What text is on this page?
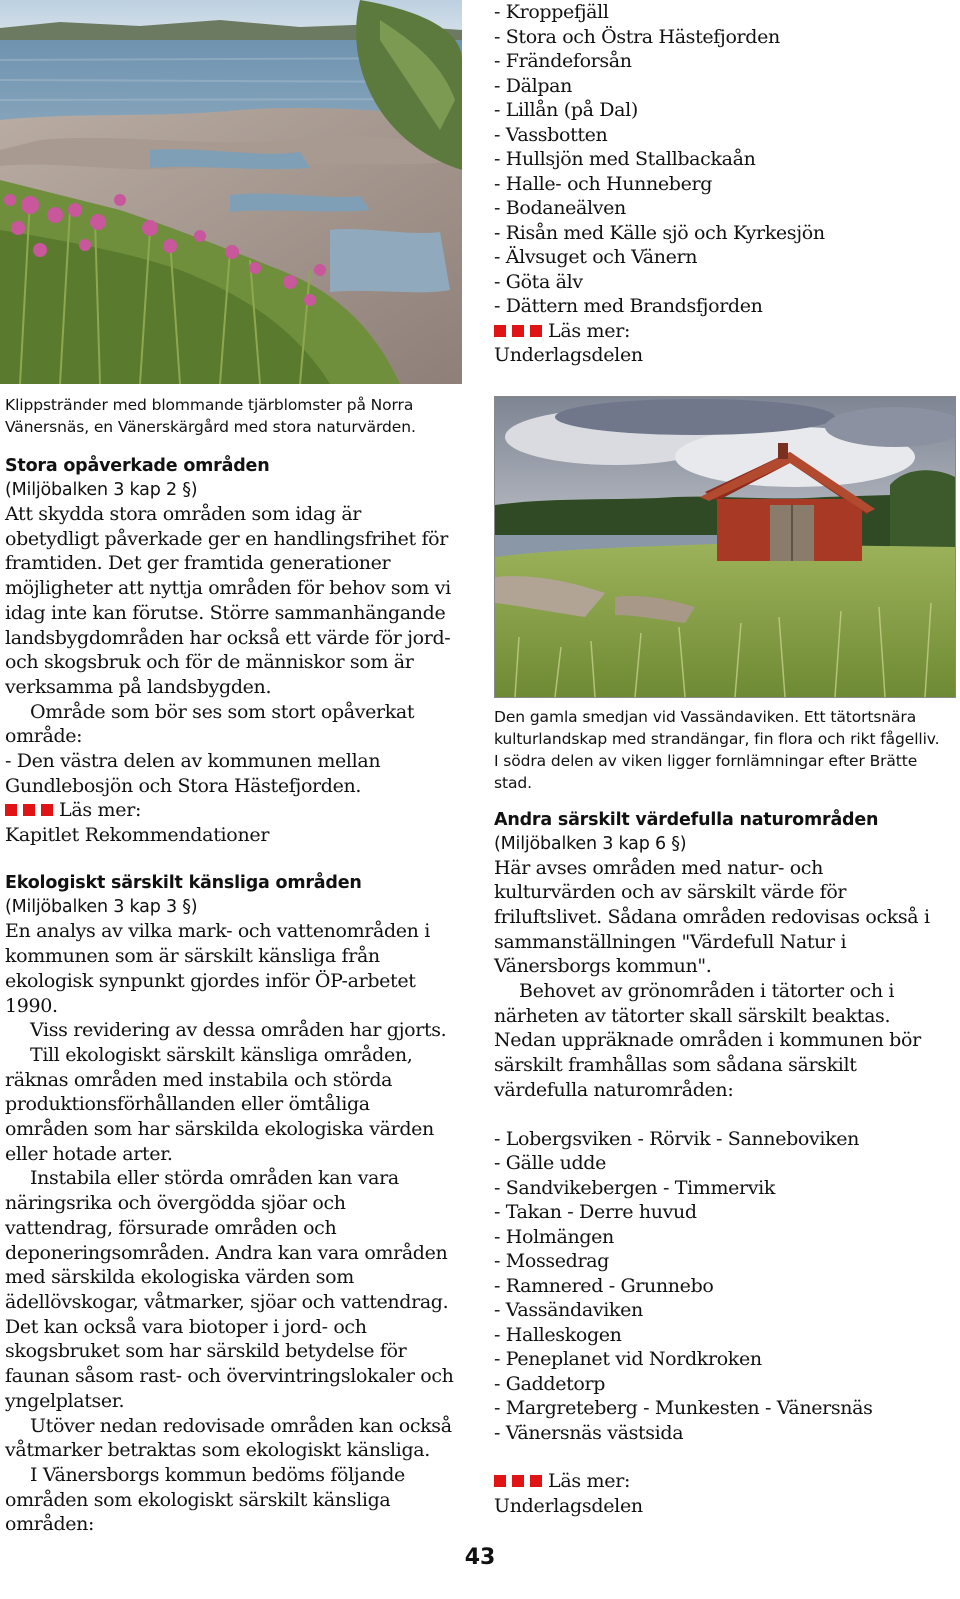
Klippstränder med blommande tjärblomster på Norra Vänersnäs, en Vänerskärgård med stora naturvärden.
Stora opåverkade områden
(Miljöbalken 3 kap 2 §)

Att skydda stora områden som idag är obetydligt påverkade ger en handlingsfrihet för framtiden. Det ger framtida generationer möjligheter att nyttja områden för behov som vi idag inte kan förutse. Större sammanhängande landsbygdområden har också ett värde för jord- och skogsbruk och för de människor som är verksamma på landsbygden.

Område som bör ses som stort opåverkat område:

- Den västra delen av kommunen mellan Gundlebosjön och Stora Hästefjorden.

Läs mer:
Kapitlet Rekommendationer
Ekologiskt särskilt känsliga områden
(Miljöbalken 3 kap 3 §)

En analys av vilka mark- och vattenområden i kommunen som är särskilt känsliga från ekologisk synpunkt gjordes inför ÖP-arbetet 1990.

Viss revidering av dessa områden har gjorts.

Till ekologiskt särskilt känsliga områden, räknas områden med instabila och störda produktionsförhållanden eller ömtåliga områden som har särskilda ekologiska värden eller hotade arter.

Instabila eller störda områden kan vara näringsrika och övergödda sjöar och vattendrag, försurade områden och deponeringsområden. Andra kan vara områden med särskilda ekologiska värden som ädellövskogar, våtmarker, sjöar och vattendrag. Det kan också vara biotoper i jord- och skogsbruket som har särskild betydelse för faunan såsom rast- och övervintringslokaler och yngelplatser.

Utöver nedan redovisade områden kan också våtmarker betraktas som ekologiskt känsliga.

I Vänersborgs kommun bedöms följande områden som ekologiskt särskilt känsliga områden:

- Kroppefjäll
- Stora och Östra Hästefjorden
- Frändeforsån
- Dälpan
- Lillån (på Dal)
- Vassbotten
- Hullsjön med Stallbackaån
- Halle- och Hunneberg
- Bodaneälven
- Risån med Källe sjö och Kyrkesjön
- Älvsuget och Vänern
- Göta älv
- Dättern med Brandsfjorden
Läs mer:
Underlagsdelen
Den gamla smedjan vid Vassändaviken. Ett tätortsnära kulturlandskap med strandängar, fin flora och rikt fågelliv. I södra delen av viken ligger fornlämningar efter Brätte stad.
Andra särskilt värdefulla naturområden
(Miljöbalken 3 kap 6 §)

Här avses områden med natur- och kulturvärden och av särskilt värde för friluftslivet. Sådana områden redovisas också i sammanställningen "Värdefull Natur i Vänersborgs kommun".

Behovet av grönområden i tätorter och i närheten av tätorter skall särskilt beaktas.

Nedan uppräknade områden i kommunen bör särskilt framhållas som sådana särskilt värdefulla naturområden:

- Lobergsviken - Rörvik - Sanneboviken
- Gälle udde
- Sandvikebergen - Timmervik
- Takan - Derre huvud
- Holmängen
- Mossedrag
- Ramnered - Grunnebo
- Vassändaviken
- Halleskogen
- Peneplanet vid Nordkroken
- Gaddetorp
- Margreteberg - Munkesten - Vänersnäs
- Vänersnäs västsida
Läs mer:
Underlagsdelen
43
